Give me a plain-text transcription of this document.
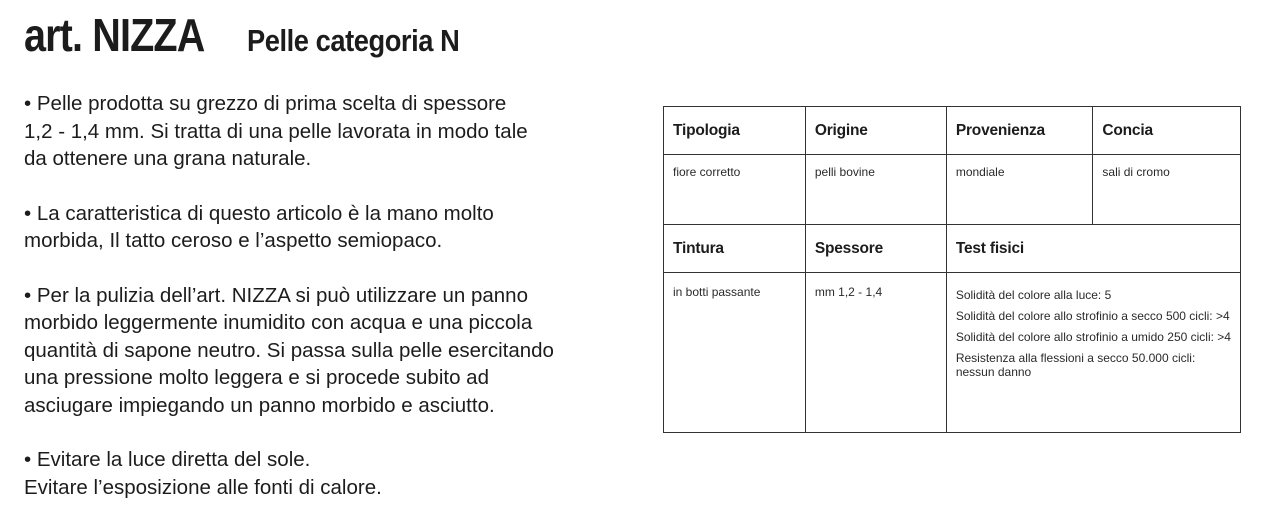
art. NIZZA Pelle categoria N

• Pelle prodotta su grezzo di prima scelta di spessore
1,2 - 1,4 mm. Si tratta di una pelle lavorata in modo tale
da ottenere una grana naturale.

• La caratteristica di questo articolo è la mano molto
morbida, Il tatto ceroso e l’aspetto semiopaco.

• Per la pulizia dell’art. NIZZA si può utilizzare un panno
morbido leggermente inumidito con acqua e una piccola
quantità di sapone neutro. Si passa sulla pelle esercitando
una pressione molto leggera e si procede subito ad
asciugare impiegando un panno morbido e asciutto.

• Evitare la luce diretta del sole.
Evitare l’esposizione alle fonti di calore.

Tipologia	Origine	Provenienza	Concia
fiore corretto	pelli bovine	mondiale	sali di cromo
Tintura	Spessore	Test fisici	
in botti passante	mm 1,2 - 1,4	Solidità del colore alla luce: 5
Solidità del colore allo strofinio a secco 500 cicli: >4
Solidità del colore allo strofinio a umido 250 cicli: >4
Resistenza alla flessioni a secco 50.000 cicli:
nessun danno	
